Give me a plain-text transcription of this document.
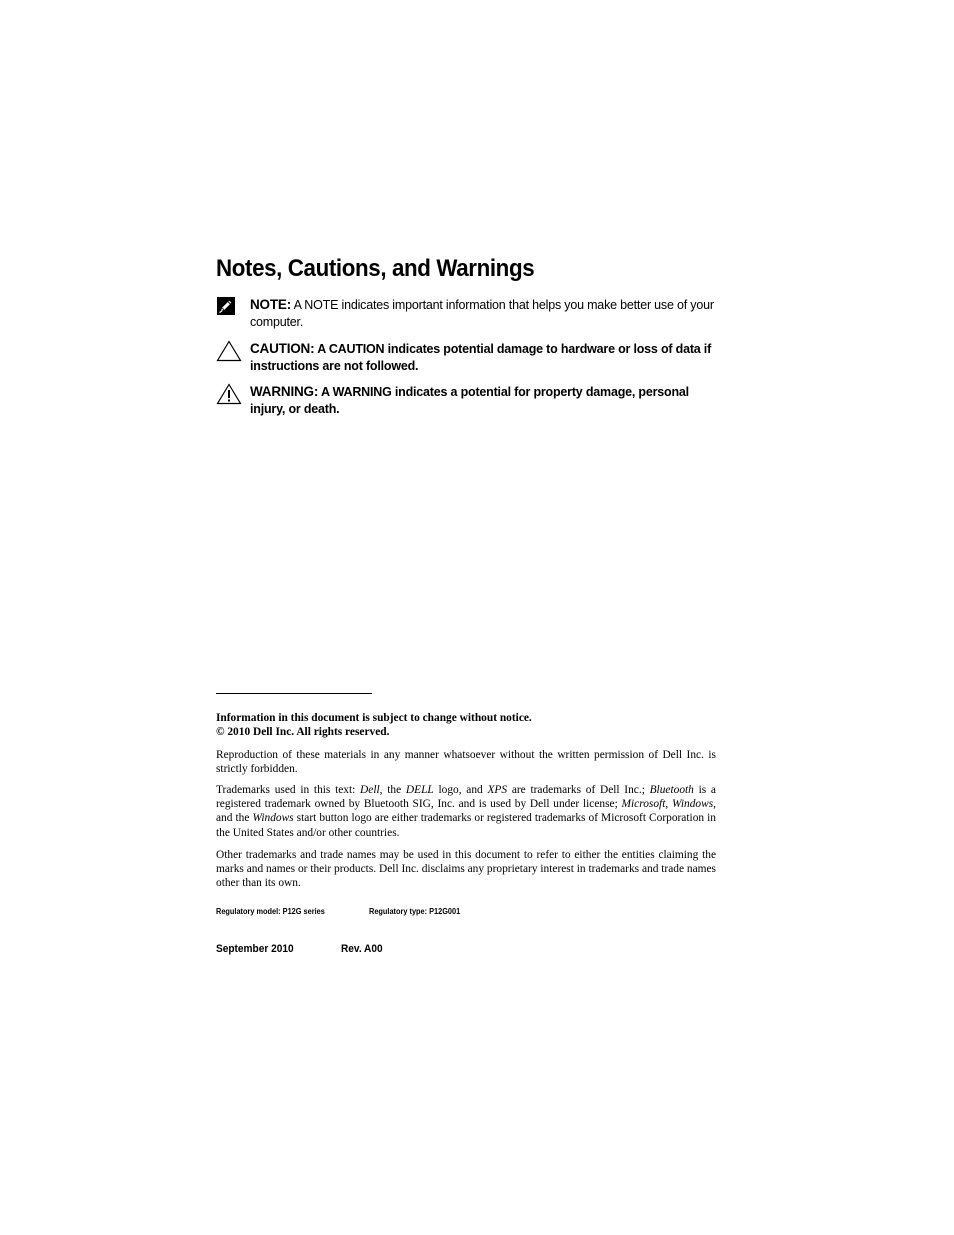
Notes, Cautions, and Warnings
NOTE: A NOTE indicates important information that helps you make better use of your computer.
CAUTION: A CAUTION indicates potential damage to hardware or loss of data if instructions are not followed.
WARNING: A WARNING indicates a potential for property damage, personal injury, or death.

Information in this document is subject to change without notice.
© 2010 Dell Inc. All rights reserved.

Reproduction of these materials in any manner whatsoever without the written permission of Dell Inc. is strictly forbidden.

Trademarks used in this text: Dell, the DELL logo, and XPS are trademarks of Dell Inc.; Bluetooth is a registered trademark owned by Bluetooth SIG, Inc. and is used by Dell under license; Microsoft, Windows, and the Windows start button logo are either trademarks or registered trademarks of Microsoft Corporation in the United States and/or other countries.

Other trademarks and trade names may be used in this document to refer to either the entities claiming the marks and names or their products. Dell Inc. disclaims any proprietary interest in trademarks and trade names other than its own.

Regulatory model: P12G series	Regulatory type: P12G001
September 2010	Rev. A00
